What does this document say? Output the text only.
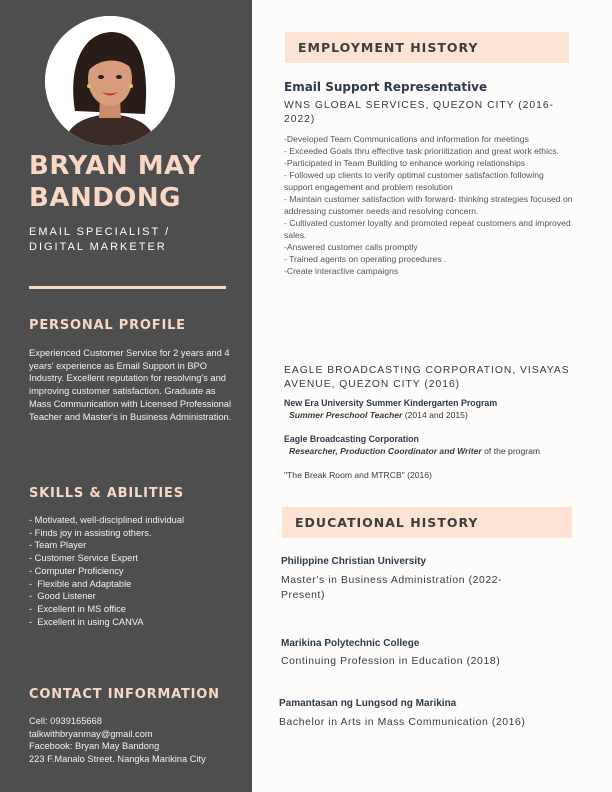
BRYAN MAY
BANDONG
EMAIL SPECIALIST /
DIGITAL MARKETER
PERSONAL PROFILE
Experienced Customer Service for 2 years and 4 years' experience as Email Support in BPO Industry. Excellent reputation for resolving's and improving customer satisfaction. Graduate as Mass Communication with Licensed Professional Teacher and Master's in Business Administration.
SKILLS & ABILITIES
- Motivated, well-disciplined individual
- Finds joy in assisting others.
- Team Player
- Customer Service Expert
- Computer Proficiency
-  Flexible and Adaptable
-  Good Listener
-  Excellent in MS office
-  Excellent in using CANVA
CONTACT INFORMATION
Cell: 0939165668
talkwithbryanmay@gmail.com
Facebook: Bryan May Bandong
223 F.Manalo Street. Nangka Marikina City
EMPLOYMENT HISTORY
Email Support Representative
WNS GLOBAL SERVICES, QUEZON CITY (2016-2022)
-Developed Team Communications and information for meetings
- Exceeded Goals thru effective task prioriitization and great work ethics.
-Participated in Team Building to enhance working relationships
- Followed up clients to verify optimal customer satisfaction following support engagement and problem resolution
- Maintain customer satisfaction with forward- thinking strategies focused on addressing customer needs and resolving concern.
- Cultivated customer loyalty and promoted repeat customers and improved sales.
-Answered customer calls promptly
- Trained agents on operating procedures .
-Create interactive campaigns
EAGLE BROADCASTING CORPORATION, VISAYAS AVENUE, QUEZON CITY (2016)
New Era University Summer Kindergarten Program
Summer Preschool Teacher (2014 and 2015)
Eagle Broadcasting Corporation
Researcher, Production Coordinator and Writer of the program
"The Break Room and MTRCB" (2016)
EDUCATIONAL HISTORY
Philippine Christian University
Master's in Business Administration (2022-Present)
Marikina Polytechnic College
Continuing Profession in Education (2018)
Pamantasan ng Lungsod ng Marikina
Bachelor in Arts in Mass Communication (2016)
